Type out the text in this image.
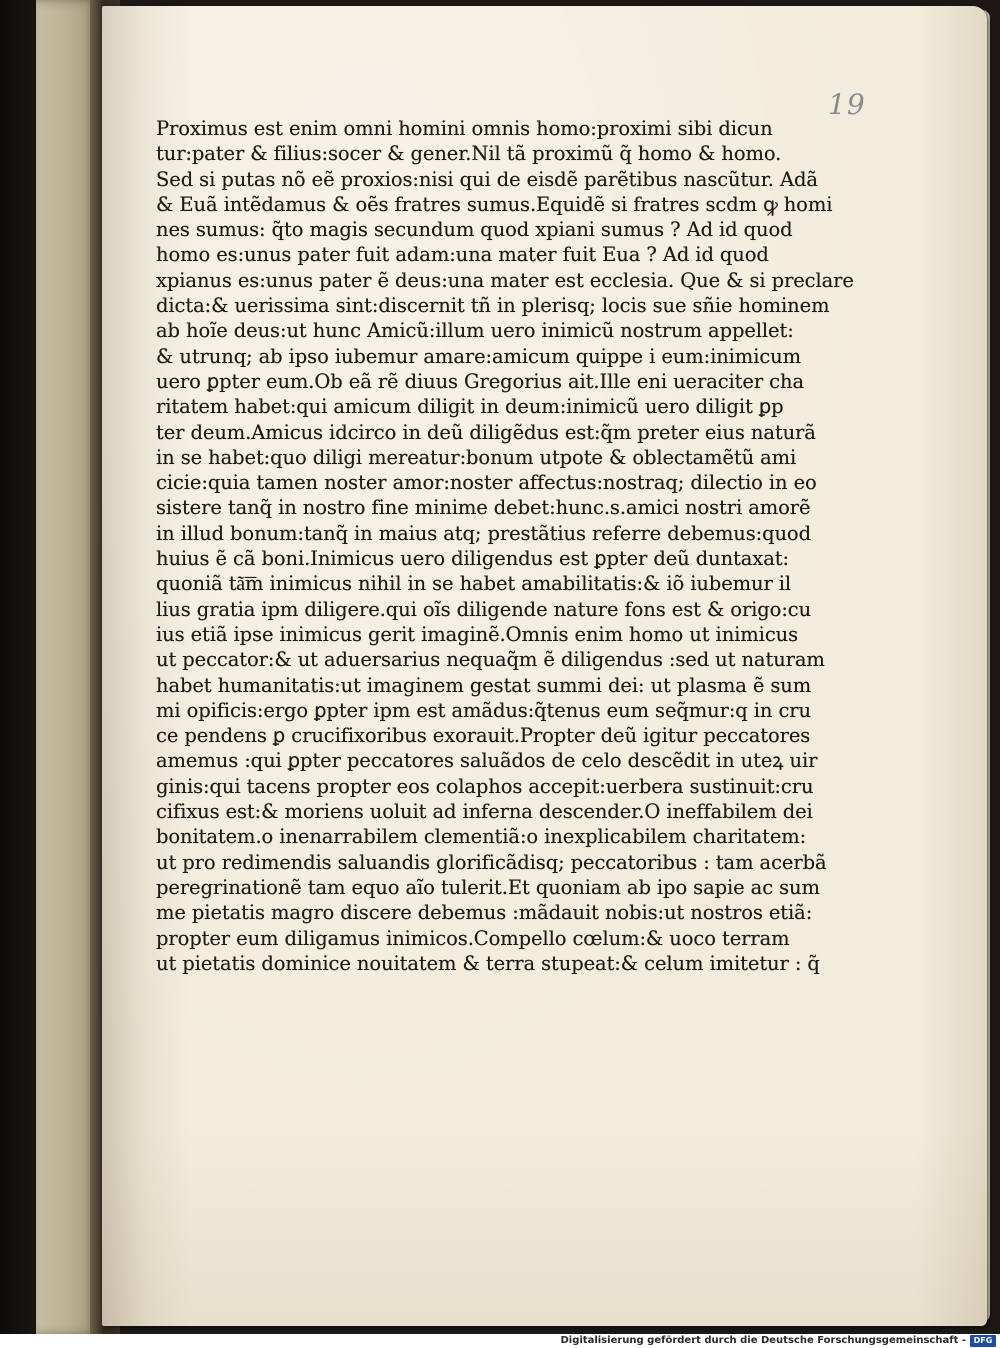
19
Proximus est enim omni homini omnis homo:proximi sibi dicun
tur:pater & filius:socer & gener.Nil tã proximũ q̃ homo & homo.
Sed si putas nõ eẽ proxios:nisi qui de eisdẽ parẽtibus nascũtur. Adã
& Euã intẽdamus & oẽs fratres sumus.Equidẽ si fratres scdm ꝙ homi
nes sumus: q̃to magis secundum quod xpiani sumus ? Ad id quod
homo es:unus pater fuit adam:una mater fuit Eua ? Ad id quod
xpianus es:unus pater ẽ deus:una mater est ecclesia. Que & si preclare
dicta:& uerissima sint:discernit tñ in plerisq; locis sue sñie hominem
ab hoĩe deus:ut hunc Amicũ:illum uero inimicũ nostrum appellet:
& utrunq; ab ipso iubemur amare:amicum quippe i eum:inimicum
uero ꝑpter eum.Ob eã rẽ diuus Gregorius ait.Ille eni ueraciter cha
ritatem habet:qui amicum diligit in deum:inimicũ uero diligit ꝑp
ter deum.Amicus idcirco in deũ diligẽdus est:q̃m preter eius naturã
in se habet:quo diligi mereatur:bonum utpote & oblectamẽtũ ami
cicie:quia tamen noster amor:noster affectus:nostraq; dilectio in eo
sistere tanq̃ in nostro fine minime debet:hunc.s.amici nostri amorẽ
in illud bonum:tanq̃ in maius atq; prestãtius referre debemus:quod
huius ẽ cã boni.Inimicus uero diligendus est ꝑpter deũ duntaxat:
quoniã tã͞m inimicus nihil in se habet amabilitatis:& iõ iubemur il
lius gratia ipm diligere.qui oĩs diligende nature fons est & origo:cu
ius etiã ipse inimicus gerit imaginẽ.Omnis enim homo ut inimicus
ut peccator:& ut aduersarius nequaq̃m ẽ diligendus :sed ut naturam
habet humanitatis:ut imaginem gestat summi dei: ut plasma ẽ sum
mi opificis:ergo ꝑpter ipm est amãdus:q̃tenus eum seq̃mur:q in cru
ce pendens ꝑ crucifixoribus exorauit.Propter deũ igitur peccatores
amemus :qui ꝑpter peccatores saluãdos de celo descẽdit in uteꝝ uir
ginis:qui tacens propter eos colaphos accepit:uerbera sustinuit:cru
cifixus est:& moriens uoluit ad inferna descender.O ineffabilem dei
bonitatem.o inenarrabilem clementiã:o inexplicabilem charitatem:
ut pro redimendis saluandis glorificãdisq; peccatoribus : tam acerbã
peregrinationẽ tam equo aĩo tulerit.Et quoniam ab ipo sapie ac sum
me pietatis magro discere debemus :mãdauit nobis:ut nostros etiã:
propter eum diligamus inimicos.Compello cœlum:& uoco terram
ut pietatis dominice nouitatem & terra stupeat:& celum imitetur : q̃
Digitalisierung gefördert durch die Deutsche Forschungsgemeinschaft - DFG
